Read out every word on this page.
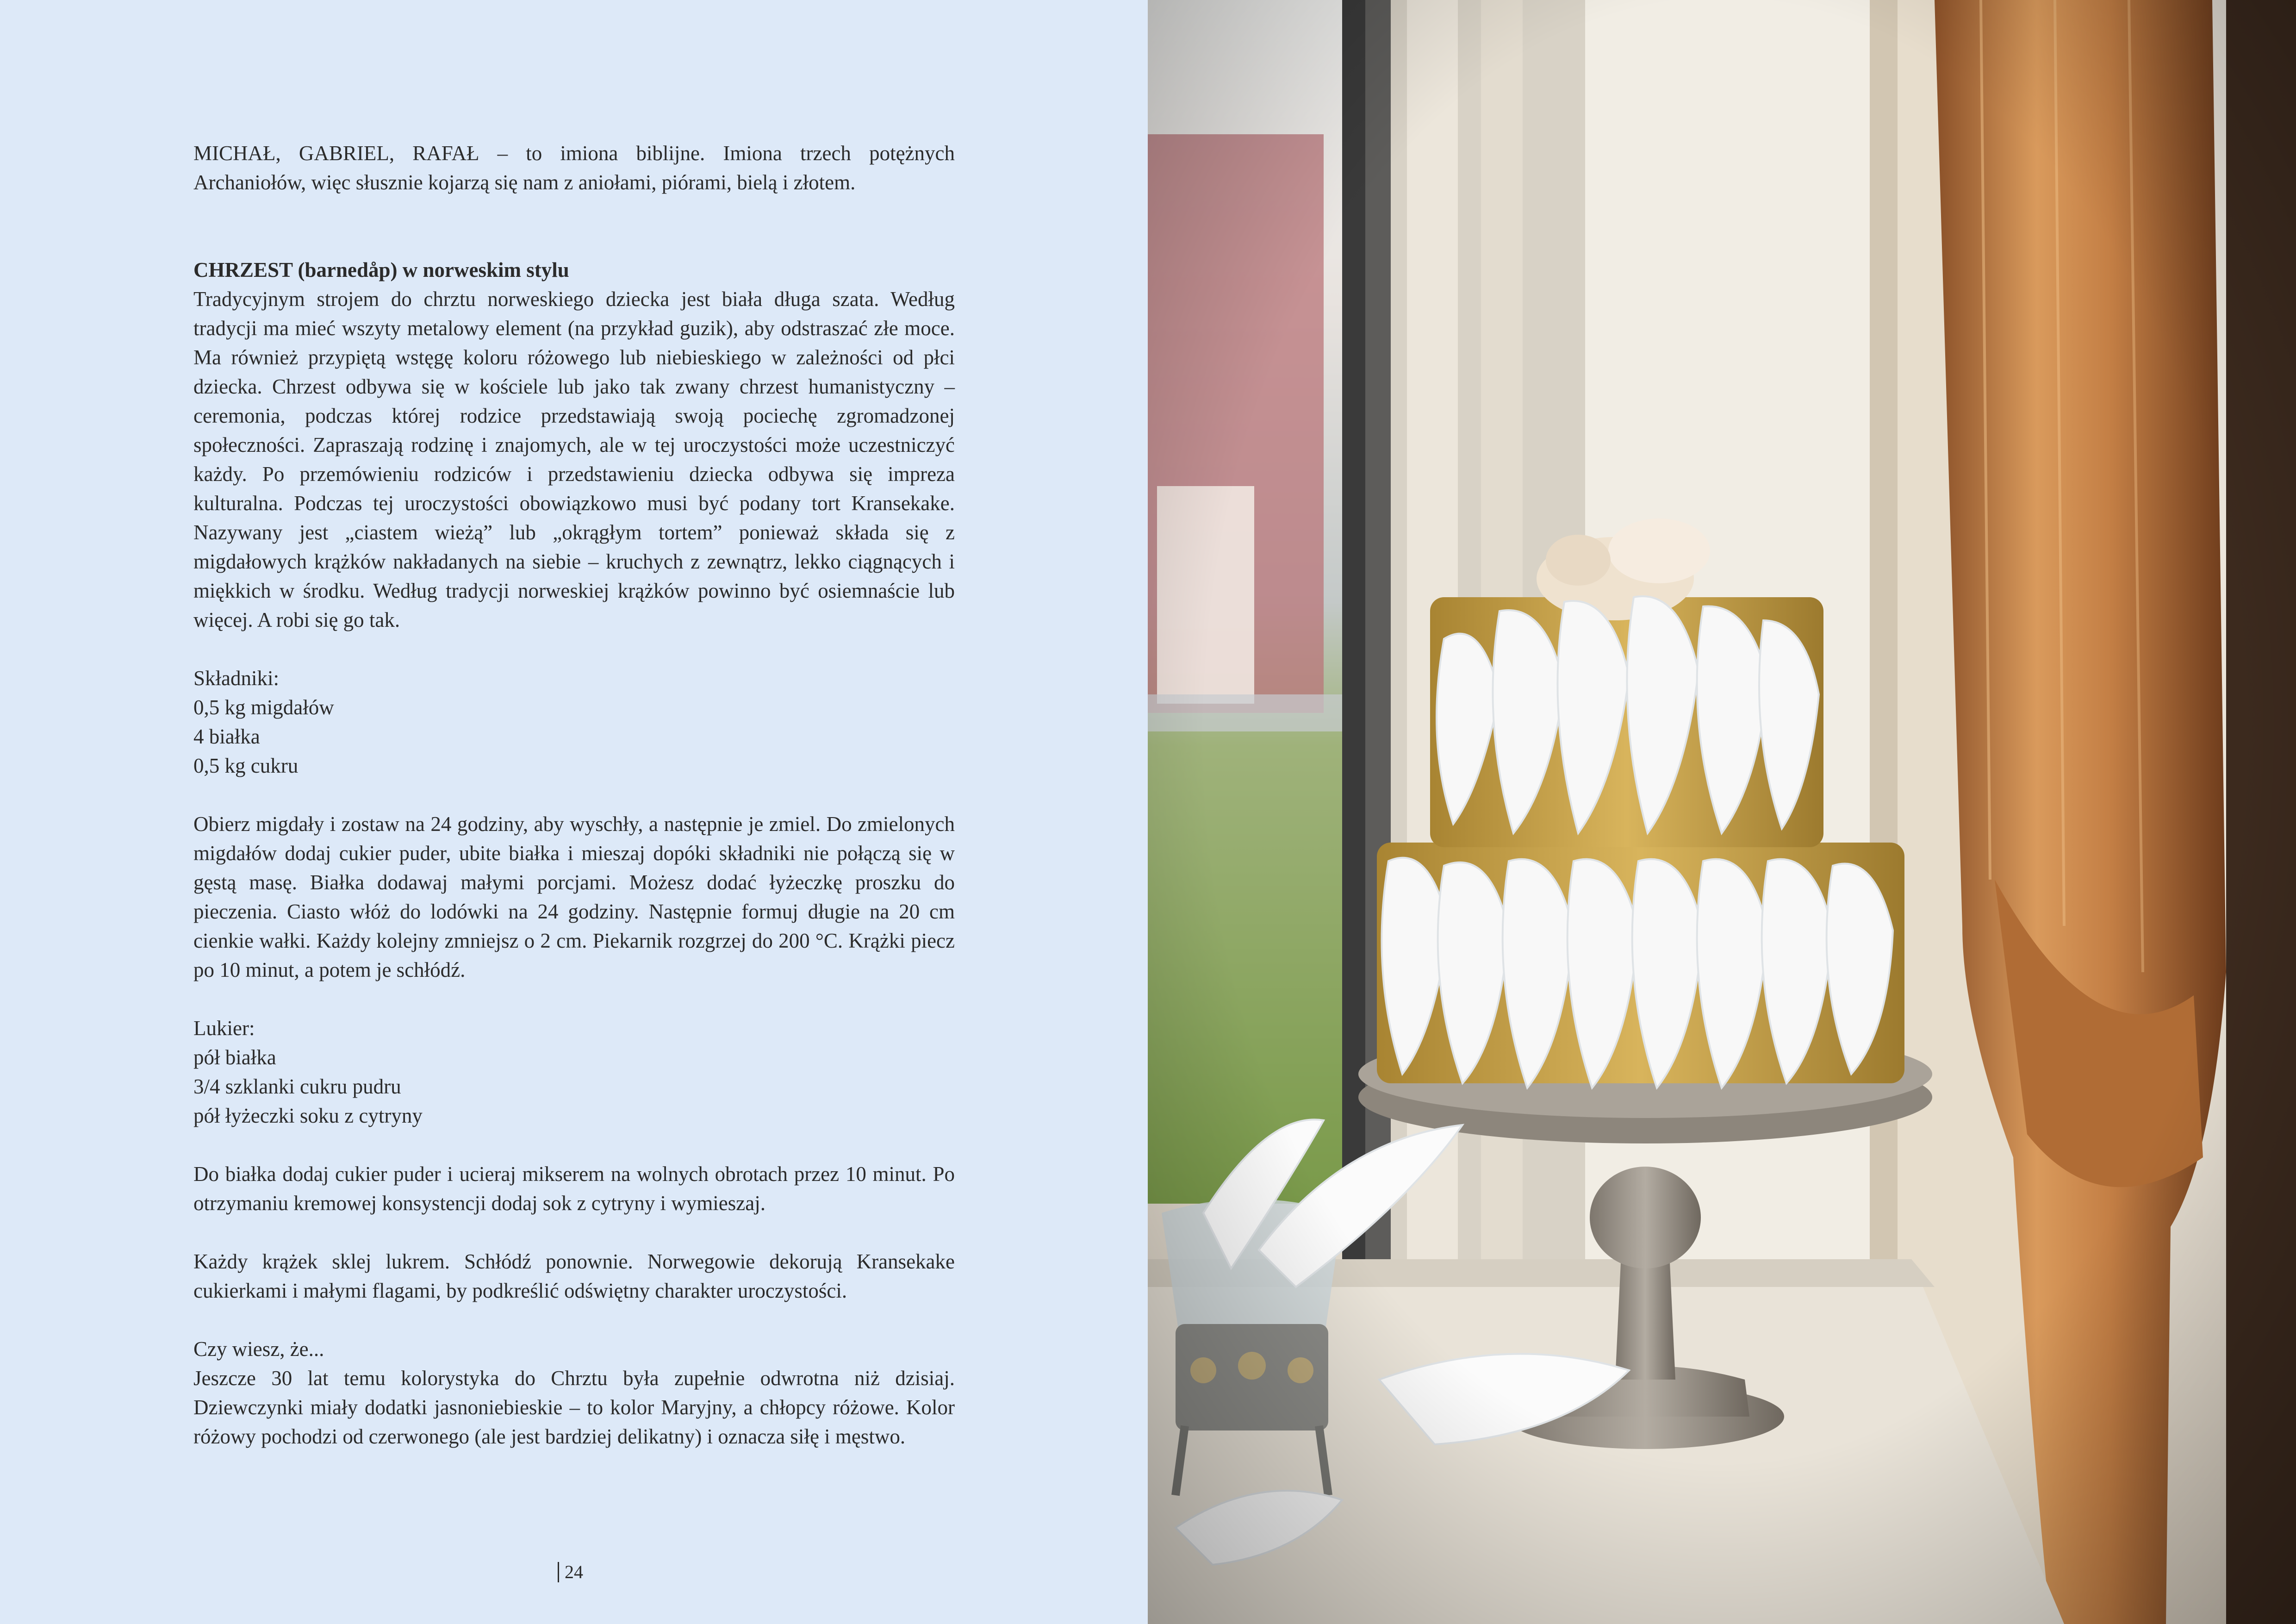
MICHAŁ, GABRIEL, RAFAŁ – to imiona biblijne. Imiona trzech potężnych Archaniołów, więc słusznie kojarzą się nam z aniołami, piórami, bielą i złotem.

CHRZEST (barnedåp) w norweskim stylu

Tradycyjnym strojem do chrztu norweskiego dziecka jest biała długa szata. Według tradycji ma mieć wszyty metalowy element (na przykład guzik), aby odstraszać złe moce. Ma również przypiętą wstęgę koloru różowego lub niebieskiego w zależności od płci dziecka. Chrzest odbywa się w kościele lub jako tak zwany chrzest humanistyczny – ceremonia, podczas której rodzice przedstawiają swoją pociechę zgromadzonej społeczności. Zapraszają rodzinę i znajomych, ale w tej uroczystości może uczestniczyć każdy. Po przemówieniu rodziców i przedstawieniu dziecka odbywa się impreza kulturalna. Podczas tej uroczystości obowiązkowo musi być podany tort Kransekake. Nazywany jest „ciastem wieżą” lub „okrągłym tortem” ponieważ składa się z migdałowych krążków nakładanych na siebie – kruchych z zewnątrz, lekko ciągnących i miękkich w środku. Według tradycji norweskiej krążków powinno być osiemnaście lub więcej. A robi się go tak.

Składniki:

0,5 kg migdałów

4 białka

0,5 kg cukru

Obierz migdały i zostaw na 24 godziny, aby wyschły, a następnie je zmiel. Do zmielonych migdałów dodaj cukier puder, ubite białka i mieszaj dopóki składniki nie połączą się w gęstą masę. Białka dodawaj małymi porcjami. Możesz dodać łyżeczkę proszku do pieczenia. Ciasto włóż do lodówki na 24 godziny. Następnie formuj długie na 20 cm cienkie wałki. Każdy kolejny zmniejsz o 2 cm. Piekarnik rozgrzej do 200 °C. Krążki piecz po 10 minut, a potem je schłódź.

Lukier:

pół białka

3/4 szklanki cukru pudru

pół łyżeczki soku z cytryny

Do białka dodaj cukier puder i ucieraj mikserem na wolnych obrotach przez 10 minut. Po otrzymaniu kremowej konsystencji dodaj sok z cytryny i wymieszaj.

Każdy krążek sklej lukrem. Schłódź ponownie. Norwegowie dekorują Kransekake cukierkami i małymi flagami, by podkreślić odświętny charakter uroczystości.

Czy wiesz, że...

Jeszcze 30 lat temu kolorystyka do Chrztu była zupełnie odwrotna niż dzisiaj. Dziewczynki miały dodatki jasnoniebieskie – to kolor Maryjny, a chłopcy różowe. Kolor różowy pochodzi od czerwonego (ale jest bardziej delikatny) i oznacza siłę i męstwo.

24
